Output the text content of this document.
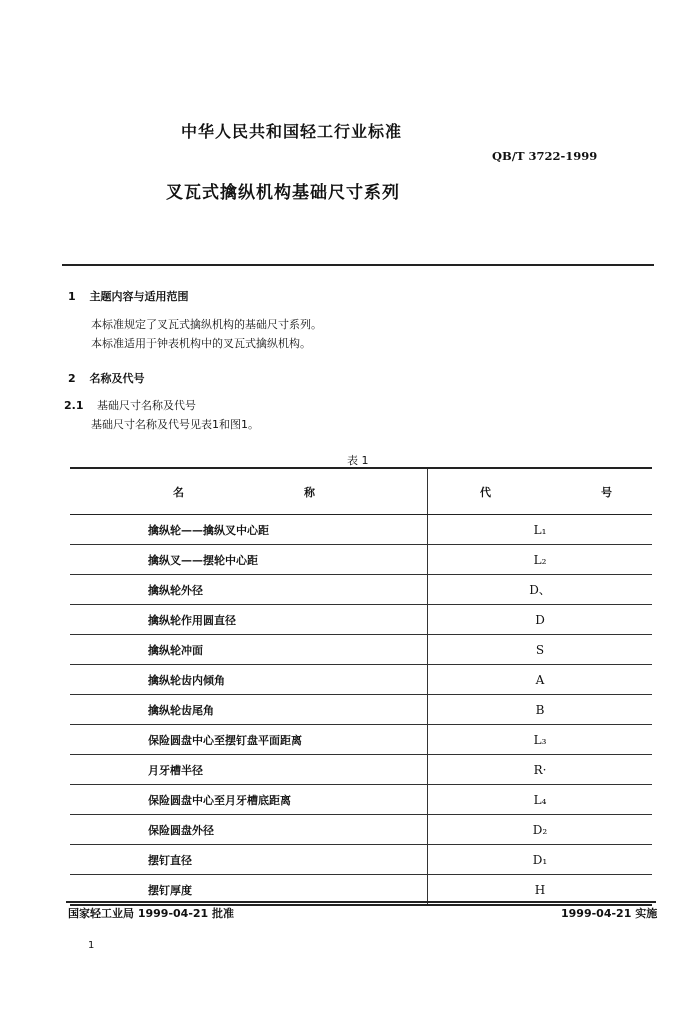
中华人民共和国轻工行业标准
QB/T 3722-1999
叉瓦式擒纵机构基础尺寸系列
1 主题内容与适用范围
本标准规定了叉瓦式擒纵机构的基础尺寸系列。
本标准适用于钟表机构中的叉瓦式擒纵机构。
2 名称及代号
2.1 基础尺寸名称及代号
基础尺寸名称及代号见表1和图1。
表 1
名 称	代 号

擒纵轮——擒纵叉中心距	L₁
擒纵叉——摆轮中心距	L₂
擒纵轮外径	D、
擒纵轮作用圆直径	D
擒纵轮冲面	S
擒纵轮齿内倾角	A
擒纵轮齿尾角	B
保险圆盘中心至摆钉盘平面距离	L₃
月牙槽半径	R·
保险圆盘中心至月牙槽底距离	L₄
保险圆盘外径	D₂
摆钉直径	D₁
摆钉厚度	H
国家轻工业局 1999-04-21 批准	1999-04-21 实施
1
